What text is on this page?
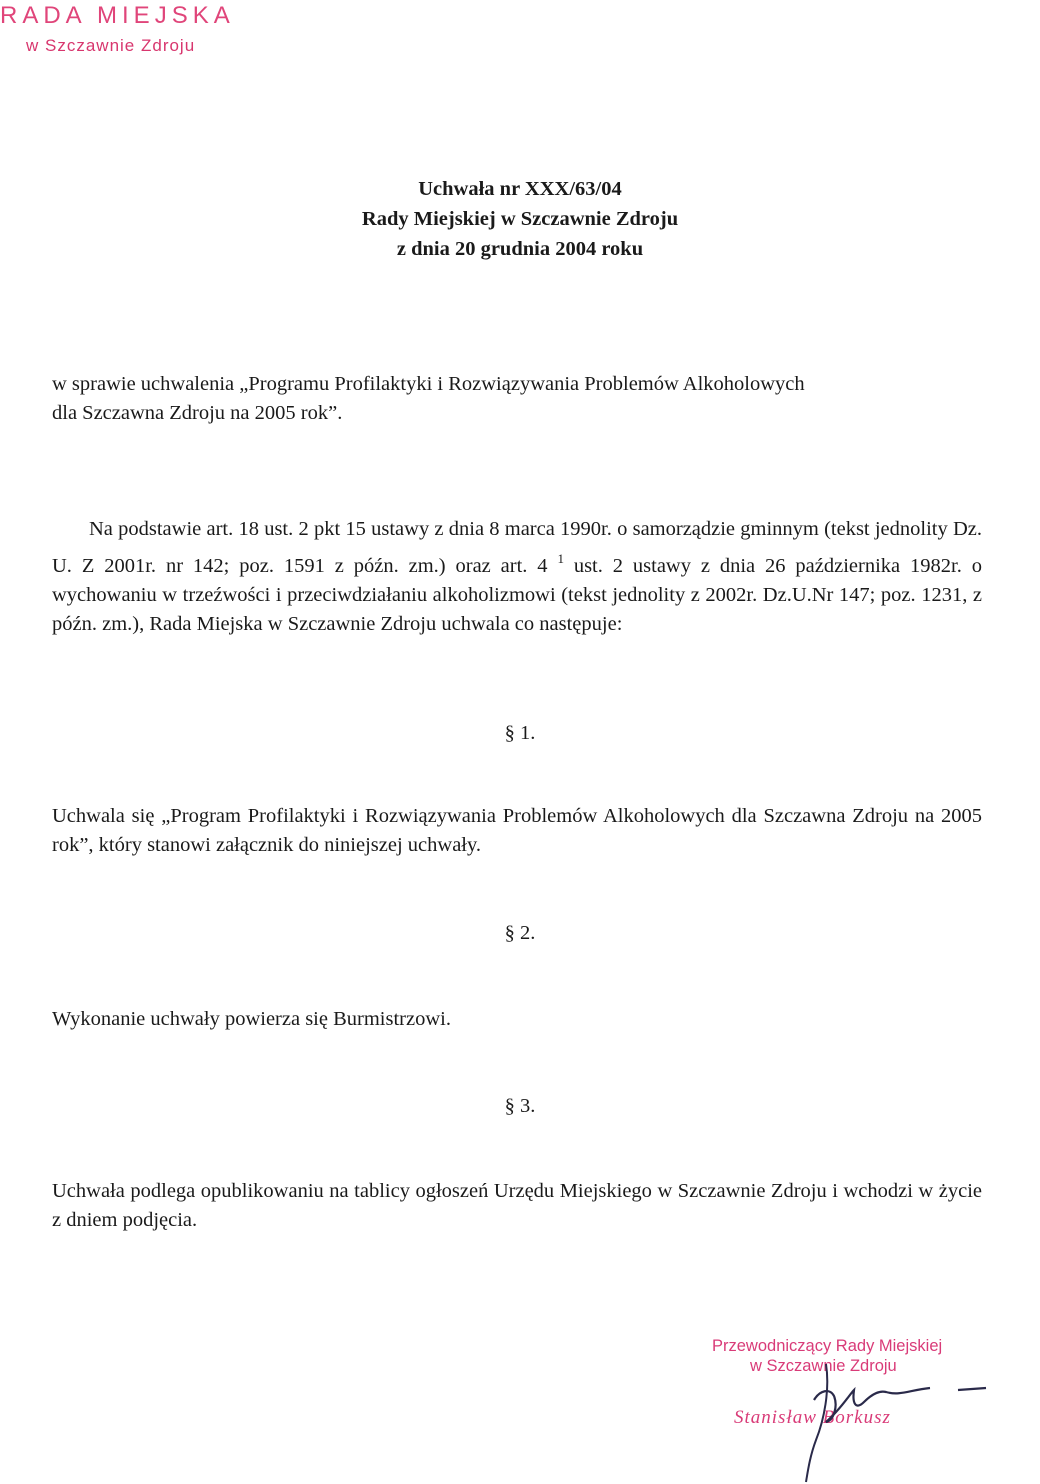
RADA MIEJSKA
w Szczawnie Zdroju
Uchwała nr XXX/63/04
Rady Miejskiej w Szczawnie Zdroju
z dnia 20 grudnia 2004 roku
w sprawie uchwalenia „Programu Profilaktyki i Rozwiązywania Problemów Alkoholowych
dla Szczawna Zdroju na 2005 rok”.
Na podstawie art. 18 ust. 2 pkt 15 ustawy z dnia 8 marca 1990r. o samorządzie gminnym (tekst jednolity Dz. U. Z 2001r. nr 142; poz. 1591 z późn. zm.) oraz art. 4 $^1$ ust. 2 ustawy z dnia 26 października 1982r. o wychowaniu w trzeźwości i przeciwdziałaniu alkoholizmowi (tekst jednolity z 2002r. Dz.U.Nr 147; poz. 1231, z późn. zm.), Rada Miejska w Szczawnie Zdroju uchwala co następuje:
§ 1.
Uchwala się „Program Profilaktyki i Rozwiązywania Problemów Alkoholowych dla Szczawna Zdroju na 2005 rok”, który stanowi załącznik do niniejszej uchwały.
§ 2.
Wykonanie uchwały powierza się Burmistrzowi.
§ 3.
Uchwała podlega opublikowaniu na tablicy ogłoszeń Urzędu Miejskiego w Szczawnie Zdroju i wchodzi w życie z dniem podjęcia.
Przewodniczący Rady Miejskiej
w Szczawnie Zdroju
Stanisław Borkusz
